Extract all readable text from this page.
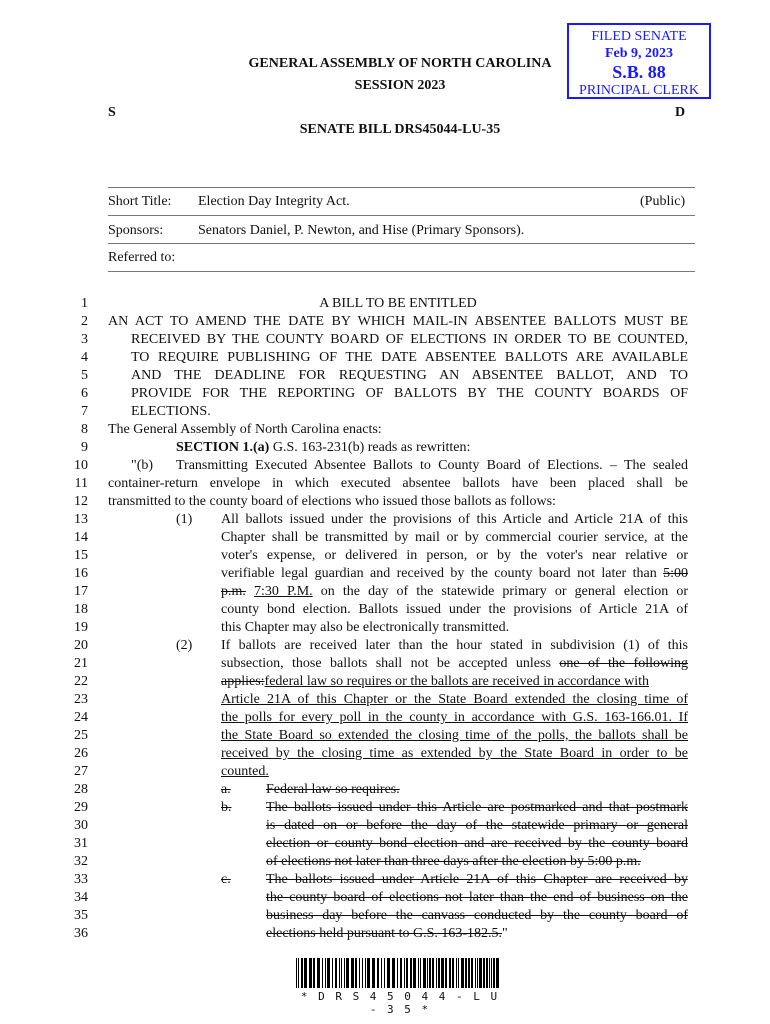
FILED SENATE
Feb 9, 2023
S.B. 88
PRINCIPAL CLERK
GENERAL ASSEMBLY OF NORTH CAROLINA
SESSION 2023
S	D
SENATE BILL DRS45044-LU-35
Short Title: Election Day Integrity Act.	(Public)
Sponsors: Senators Daniel, P. Newton, and Hise (Primary Sponsors).
Referred to:
1
2
3
4
5
6
7
8
9
10
11
12
13
14
15
16
17
18
19
20
21
22
23
24
25
26
27
28
29
30
31
32
33
34
35
36
A BILL TO BE ENTITLED
AN ACT TO AMEND THE DATE BY WHICH MAIL-IN ABSENTEE BALLOTS MUST BE
RECEIVED BY THE COUNTY BOARD OF ELECTIONS IN ORDER TO BE COUNTED,
TO REQUIRE PUBLISHING OF THE DATE ABSENTEE BALLOTS ARE AVAILABLE
AND THE DEADLINE FOR REQUESTING AN ABSENTEE BALLOT, AND TO
PROVIDE FOR THE REPORTING OF BALLOTS BY THE COUNTY BOARDS OF
ELECTIONS.
The General Assembly of North Carolina enacts:
SECTION 1.(a) G.S. 163-231(b) reads as rewritten:
"(b) Transmitting Executed Absentee Ballots to County Board of Elections. – The sealed
container-return envelope in which executed absentee ballots have been placed shall be
transmitted to the county board of elections who issued those ballots as follows:
(1) All ballots issued under the provisions of this Article and Article 21A of this
Chapter shall be transmitted by mail or by commercial courier service, at the
voter's expense, or delivered in person, or by the voter's near relative or
verifiable legal guardian and received by the county board not later than 5:00
p.m. 7:30 P.M. on the day of the statewide primary or general election or
county bond election. Ballots issued under the provisions of Article 21A of
this Chapter may also be electronically transmitted.
(2) If ballots are received later than the hour stated in subdivision (1) of this
subsection, those ballots shall not be accepted unless one of the following
applies:federal law so requires or the ballots are received in accordance with
Article 21A of this Chapter or the State Board extended the closing time of
the polls for every poll in the county in accordance with G.S. 163-166.01. If
the State Board so extended the closing time of the polls, the ballots shall be
received by the closing time as extended by the State Board in order to be
counted.
a.	Federal law so requires.
b. The ballots issued under this Article are postmarked and that postmark
is dated on or before the day of the statewide primary or general
election or county bond election and are received by the county board
of elections not later than three days after the election by 5:00 p.m.
c.	The ballots issued under Article 21A of this Chapter are received by
the county board of elections not later than the end of business on the
business day before the canvass conducted by the county board of
elections held pursuant to G.S. 163-182.5."
* D R S 4 5 0 4 4 - L U - 3 5 *
